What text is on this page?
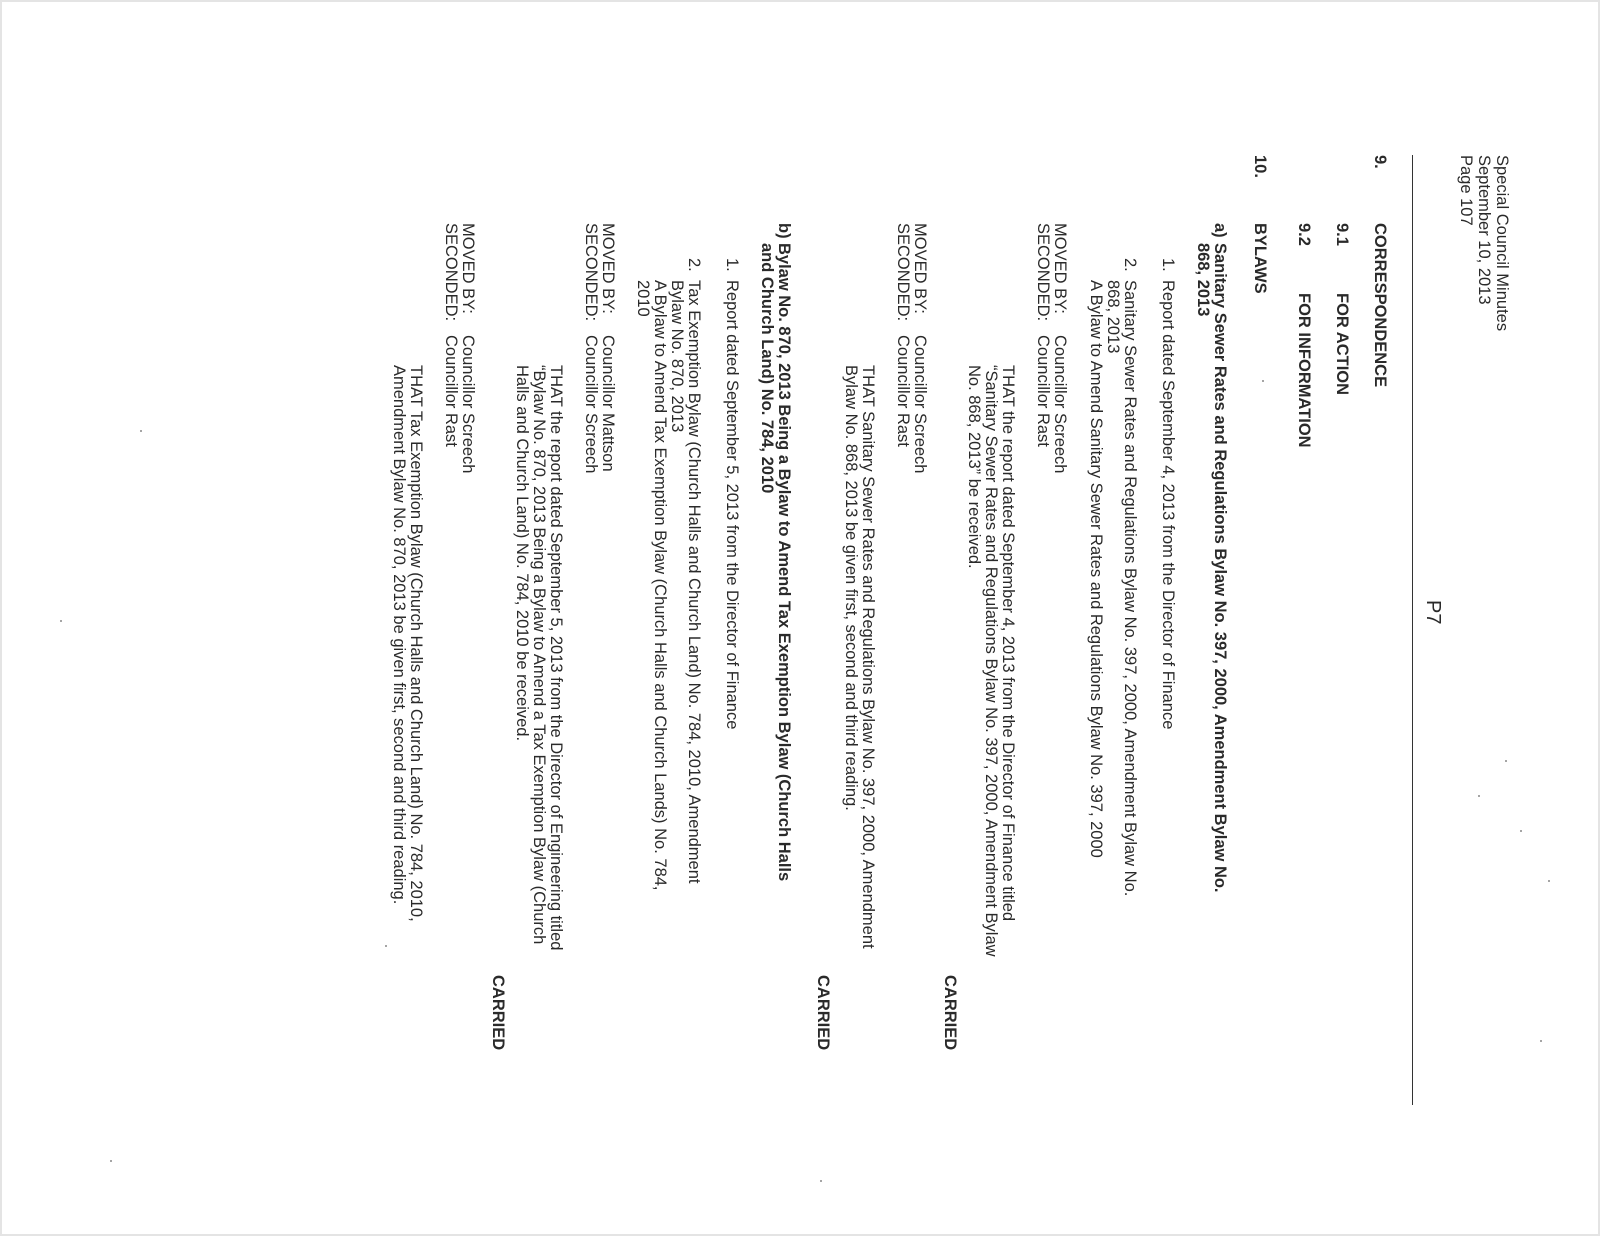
Special Council Minutes
September 10, 2013
Page 107
P7
9.
CORRESPONDENCE
9.1
FOR ACTION
9.2
FOR INFORMATION
10.
BYLAWS
a)
Sanitary Sewer Rates and Regulations Bylaw No. 397, 2000, Amendment Bylaw No.
868, 2013
1.
Report dated September 4, 2013 from the Director of Finance
2.
Sanitary Sewer Rates and Regulations Bylaw No. 397, 2000, Amendment Bylaw No.
868, 2013
A Bylaw to Amend Sanitary Sewer Rates and Regulations Bylaw No. 397, 2000
MOVED BY:
Councillor Screech
SECONDED:
Councillor Rast
THAT the report dated September 4, 2013 from the Director of Finance titled
“Sanitary Sewer Rates and Regulations Bylaw No. 397, 2000, Amendment Bylaw
No. 868, 2013” be received.
CARRIED
MOVED BY:
Councillor Screech
SECONDED:
Councillor Rast
THAT Sanitary Sewer Rates and Regulations Bylaw No. 397, 2000, Amendment
Bylaw No. 868, 2013 be given first, second and third reading.
CARRIED
b)
Bylaw No. 870, 2013 Being a Bylaw to Amend Tax Exemption Bylaw (Church Halls
and Church Land) No. 784, 2010
1.
Report dated September 5, 2013 from the Director of Finance
2.
Tax Exemption Bylaw (Church Halls and Church Land) No. 784, 2010, Amendment
Bylaw No. 870, 2013
A Bylaw to Amend Tax Exemption Bylaw (Church Halls and Church Lands) No. 784,
2010
MOVED BY:
Councillor Mattson
SECONDED:
Councillor Screech
THAT the report dated September 5, 2013 from the Director of Engineering titled
“Bylaw No. 870, 2013 Being a Bylaw to Amend a Tax Exemption Bylaw (Church
Halls and Church Land) No. 784, 2010 be received.
CARRIED
MOVED BY:
Councillor Screech
SECONDED:
Councillor Rast
THAT Tax Exemption Bylaw (Church Halls and Church Land) No. 784, 2010,
Amendment Bylaw No. 870, 2013 be given first, second and third reading.
